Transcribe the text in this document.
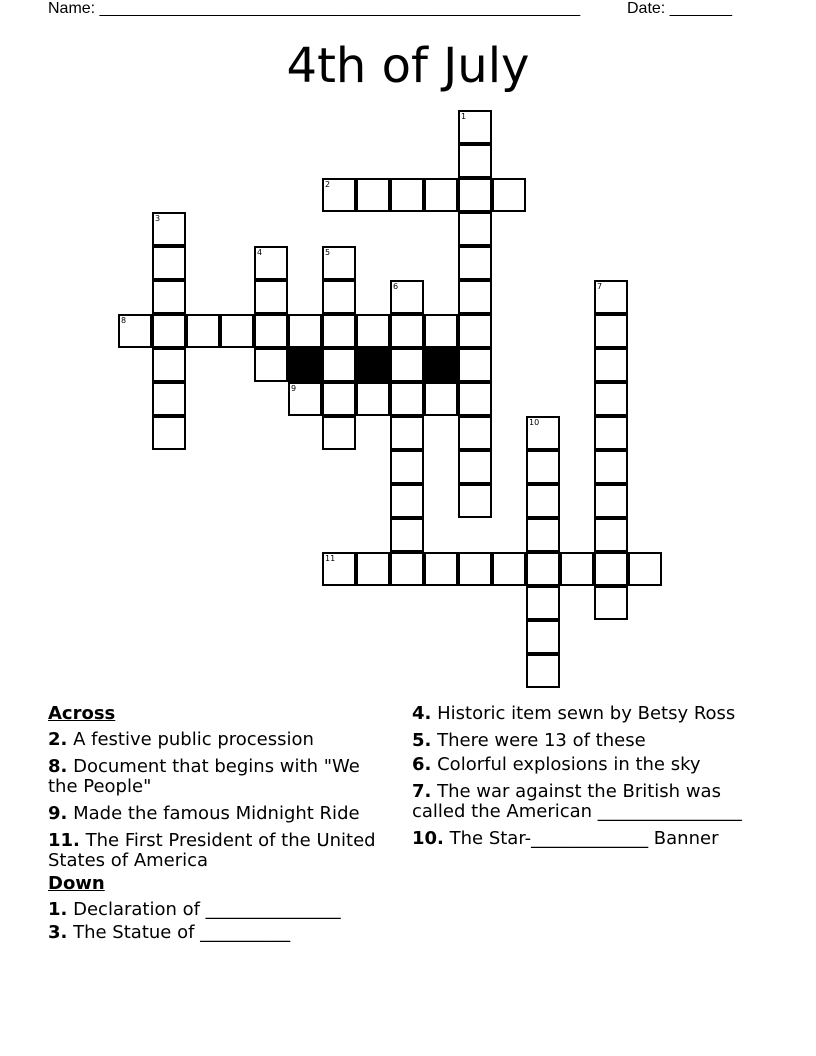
Name: ______________________________________________________	Date: _______
4th of July
1
2
3
4	5
6	7
8
9
10
11
Across
2. A festive public procession
8. Document that begins with "We the People"
9. Made the famous Midnight Ride
11. The First President of the United States of America
Down
1. Declaration of _______________
3. The Statue of __________
4. Historic item sewn by Betsy Ross
5. There were 13 of these
6. Colorful explosions in the sky
7. The war against the British was called the American ________________
10. The Star-_____________ Banner
